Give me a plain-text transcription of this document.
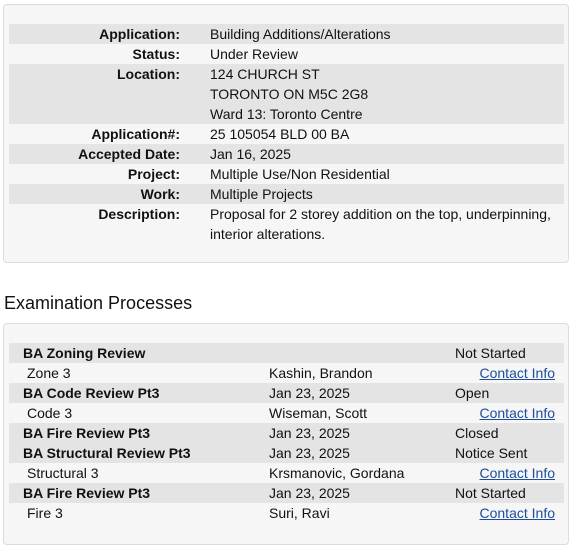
Application:	Building Additions/Alterations
Status:	Under Review
Location:	124 CHURCH ST
TORONTO ON M5C 2G8
Ward 13: Toronto Centre

Application#:	25 105054 BLD 00 BA
Accepted Date:	Jan 16, 2025
Project:	Multiple Use/Non Residential
Work:	Multiple Projects
Description:	Proposal for 2 storey addition on the top, underpinning, interior alterations.
Examination Processes
BA Zoning Review		Not Started
Zone 3	Kashin, Brandon	Contact Info
BA Code Review Pt3	Jan 23, 2025	Open
Code 3	Wiseman, Scott	Contact Info
BA Fire Review Pt3	Jan 23, 2025	Closed
BA Structural Review Pt3	Jan 23, 2025	Notice Sent
Structural 3	Krsmanovic, Gordana	Contact Info
BA Fire Review Pt3	Jan 23, 2025	Not Started
Fire 3	Suri, Ravi	Contact Info
